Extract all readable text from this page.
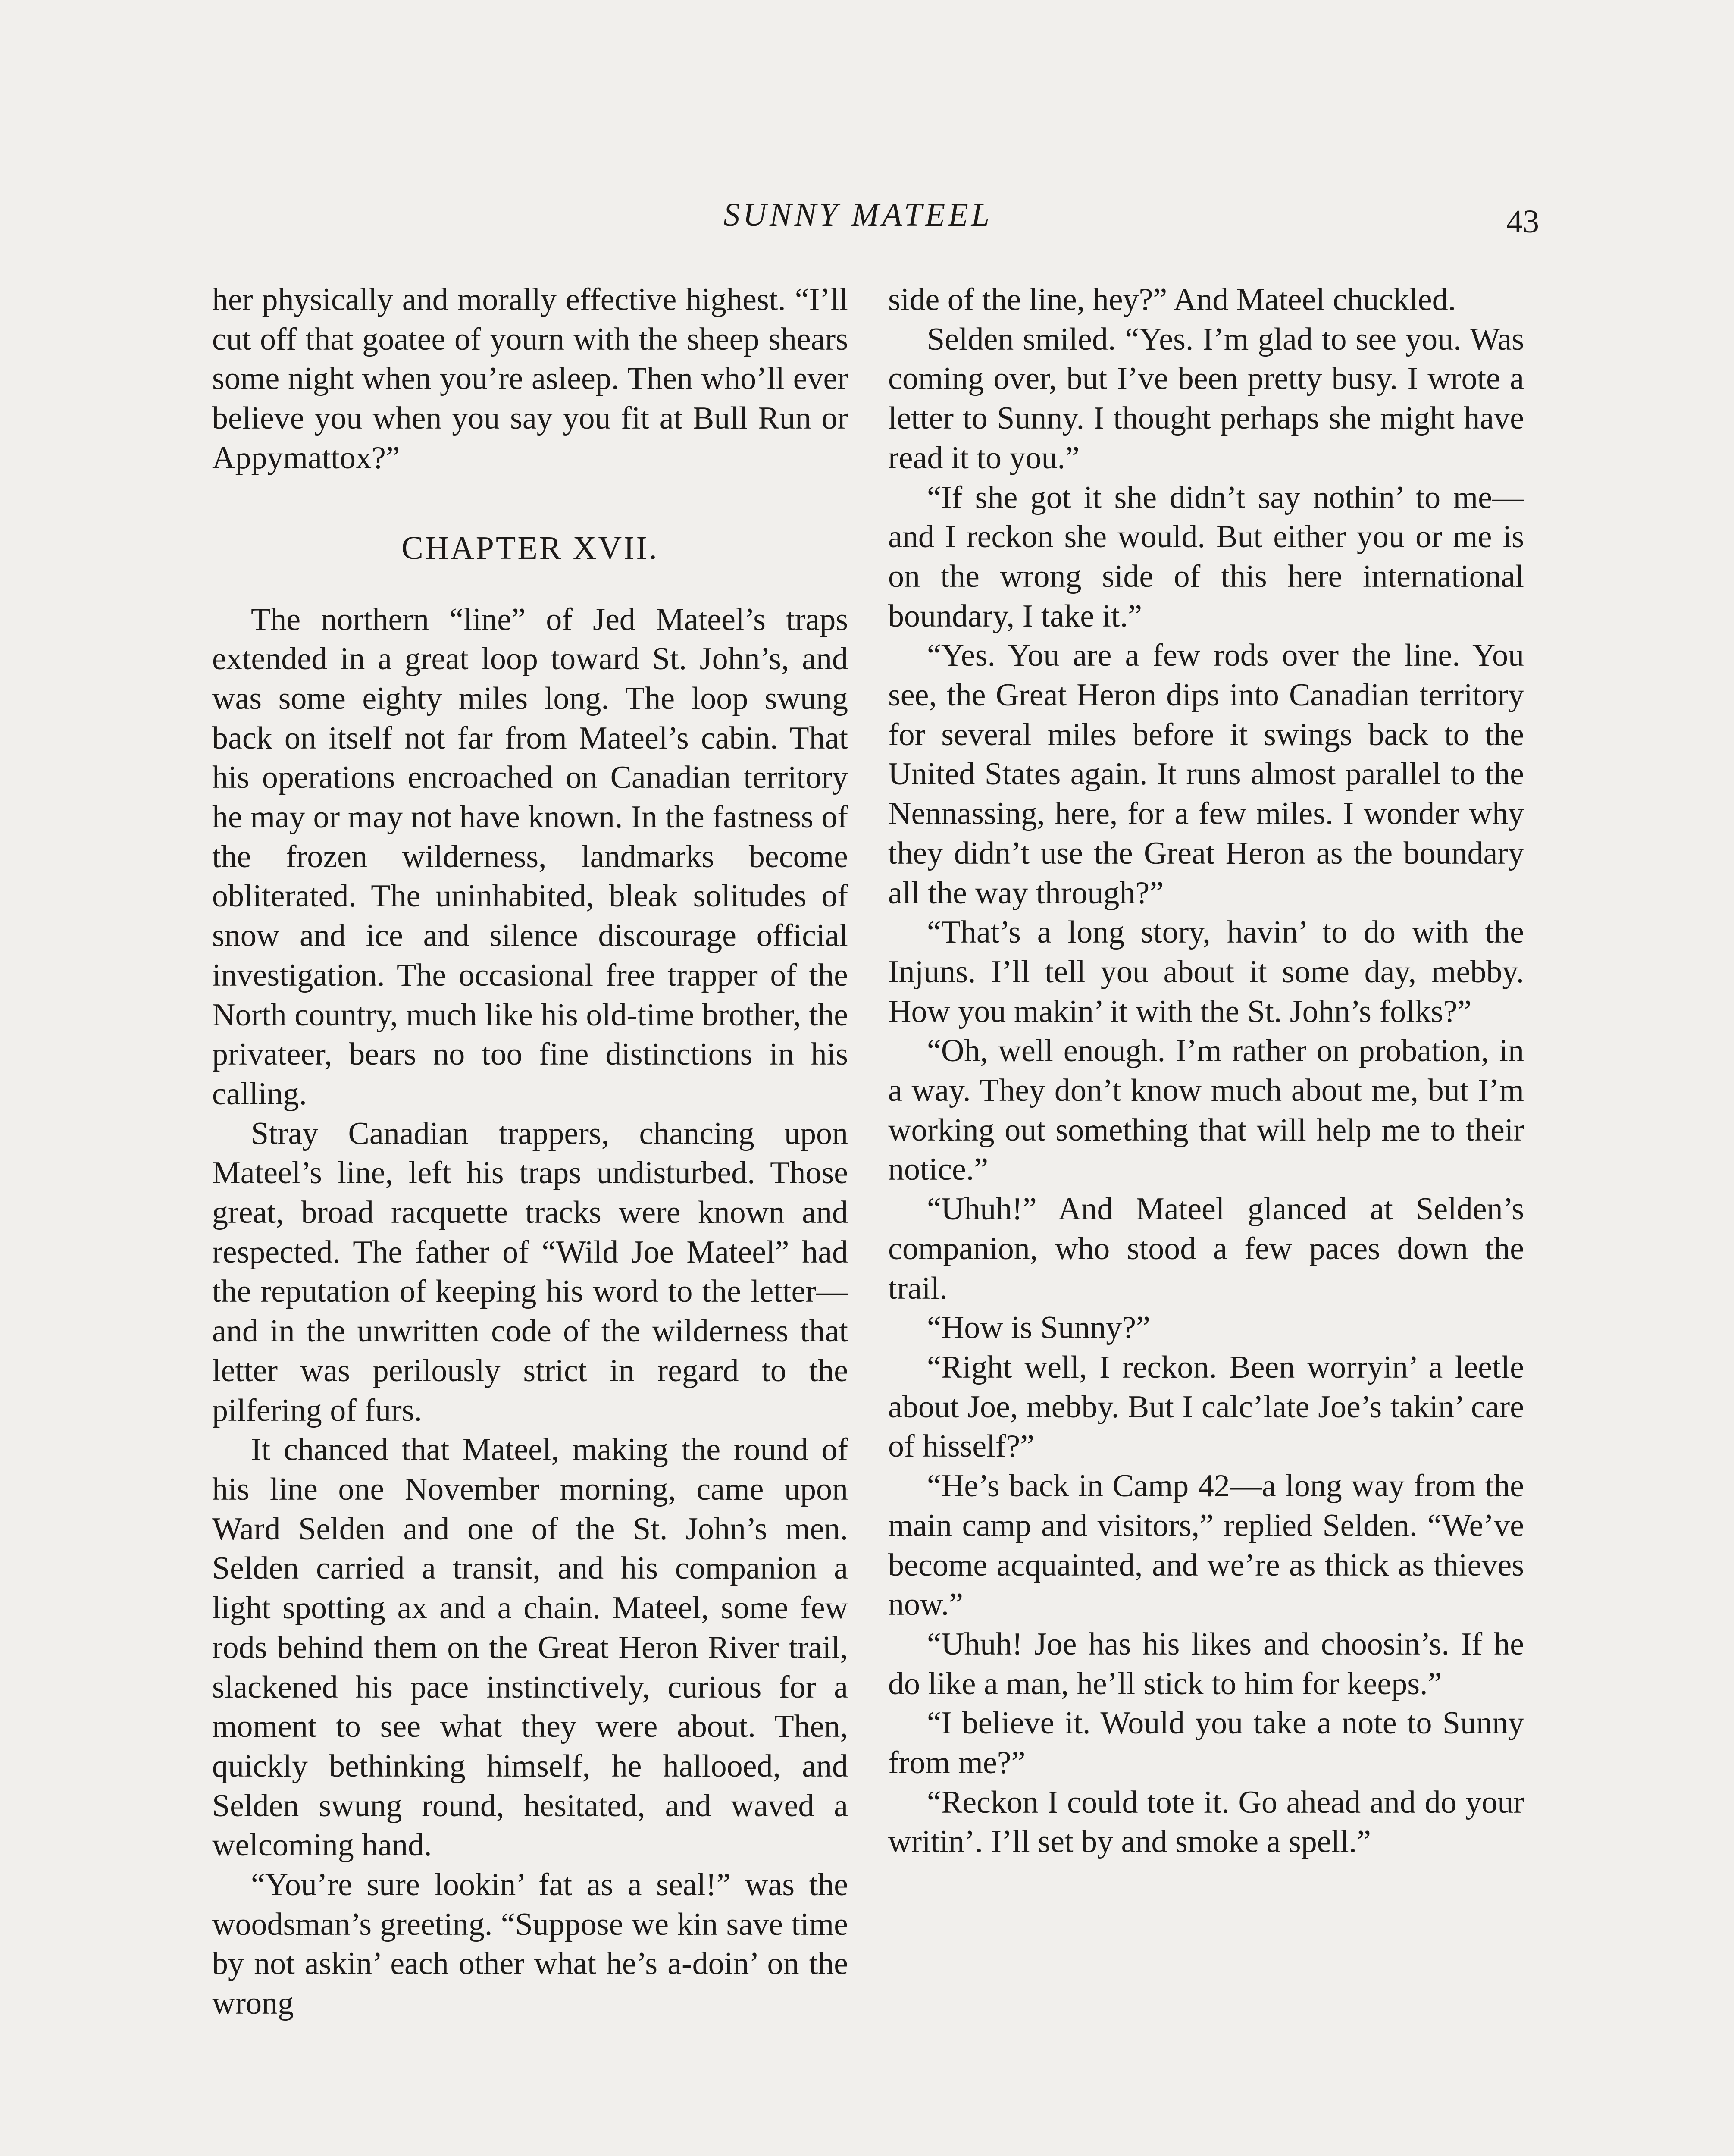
SUNNY MATEEL	43

her physically and morally effective highest. “I’ll cut off that goatee of yourn with the sheep shears some night when you’re asleep. Then who’ll ever believe you when you say you fit at Bull Run or Appymattox?”

CHAPTER XVII.

The northern “line” of Jed Mateel’s traps extended in a great loop toward St. John’s, and was some eighty miles long. The loop swung back on itself not far from Mateel’s cabin. That his operations encroached on Canadian territory he may or may not have known. In the fastness of the frozen wilderness, landmarks become obliterated. The uninhabited, bleak solitudes of snow and ice and silence discourage official investigation. The occasional free trapper of the North country, much like his old-time brother, the privateer, bears no too fine distinctions in his calling.

Stray Canadian trappers, chancing upon Mateel’s line, left his traps undisturbed. Those great, broad racquette tracks were known and respected. The father of “Wild Joe Mateel” had the reputation of keeping his word to the letter—and in the unwritten code of the wilderness that letter was perilously strict in regard to the pilfering of furs.

It chanced that Mateel, making the round of his line one November morning, came upon Ward Selden and one of the St. John’s men. Selden carried a transit, and his companion a light spotting ax and a chain. Mateel, some few rods behind them on the Great Heron River trail, slackened his pace instinctively, curious for a moment to see what they were about. Then, quickly bethinking himself, he hallooed, and Selden swung round, hesitated, and waved a welcoming hand.

“You’re sure lookin’ fat as a seal!” was the woodsman’s greeting. “Suppose we kin save time by not askin’ each other what he’s a-doin’ on the wrong

side of the line, hey?” And Mateel chuckled.

Selden smiled. “Yes. I’m glad to see you. Was coming over, but I’ve been pretty busy. I wrote a letter to Sunny. I thought perhaps she might have read it to you.”

“If she got it she didn’t say nothin’ to me—and I reckon she would. But either you or me is on the wrong side of this here international boundary, I take it.”

“Yes. You are a few rods over the line. You see, the Great Heron dips into Canadian territory for several miles before it swings back to the United States again. It runs almost parallel to the Nennassing, here, for a few miles. I wonder why they didn’t use the Great Heron as the boundary all the way through?”

“That’s a long story, havin’ to do with the Injuns. I’ll tell you about it some day, mebby. How you makin’ it with the St. John’s folks?”

“Oh, well enough. I’m rather on probation, in a way. They don’t know much about me, but I’m working out something that will help me to their notice.”

“Uhuh!” And Mateel glanced at Selden’s companion, who stood a few paces down the trail.

“How is Sunny?”

“Right well, I reckon. Been worryin’ a leetle about Joe, mebby. But I calc’late Joe’s takin’ care of hisself?”

“He’s back in Camp 42—a long way from the main camp and visitors,” replied Selden. “We’ve become acquainted, and we’re as thick as thieves now.”

“Uhuh! Joe has his likes and choosin’s. If he do like a man, he’ll stick to him for keeps.”

“I believe it. Would you take a note to Sunny from me?”

“Reckon I could tote it. Go ahead and do your writin’. I’ll set by and smoke a spell.”
